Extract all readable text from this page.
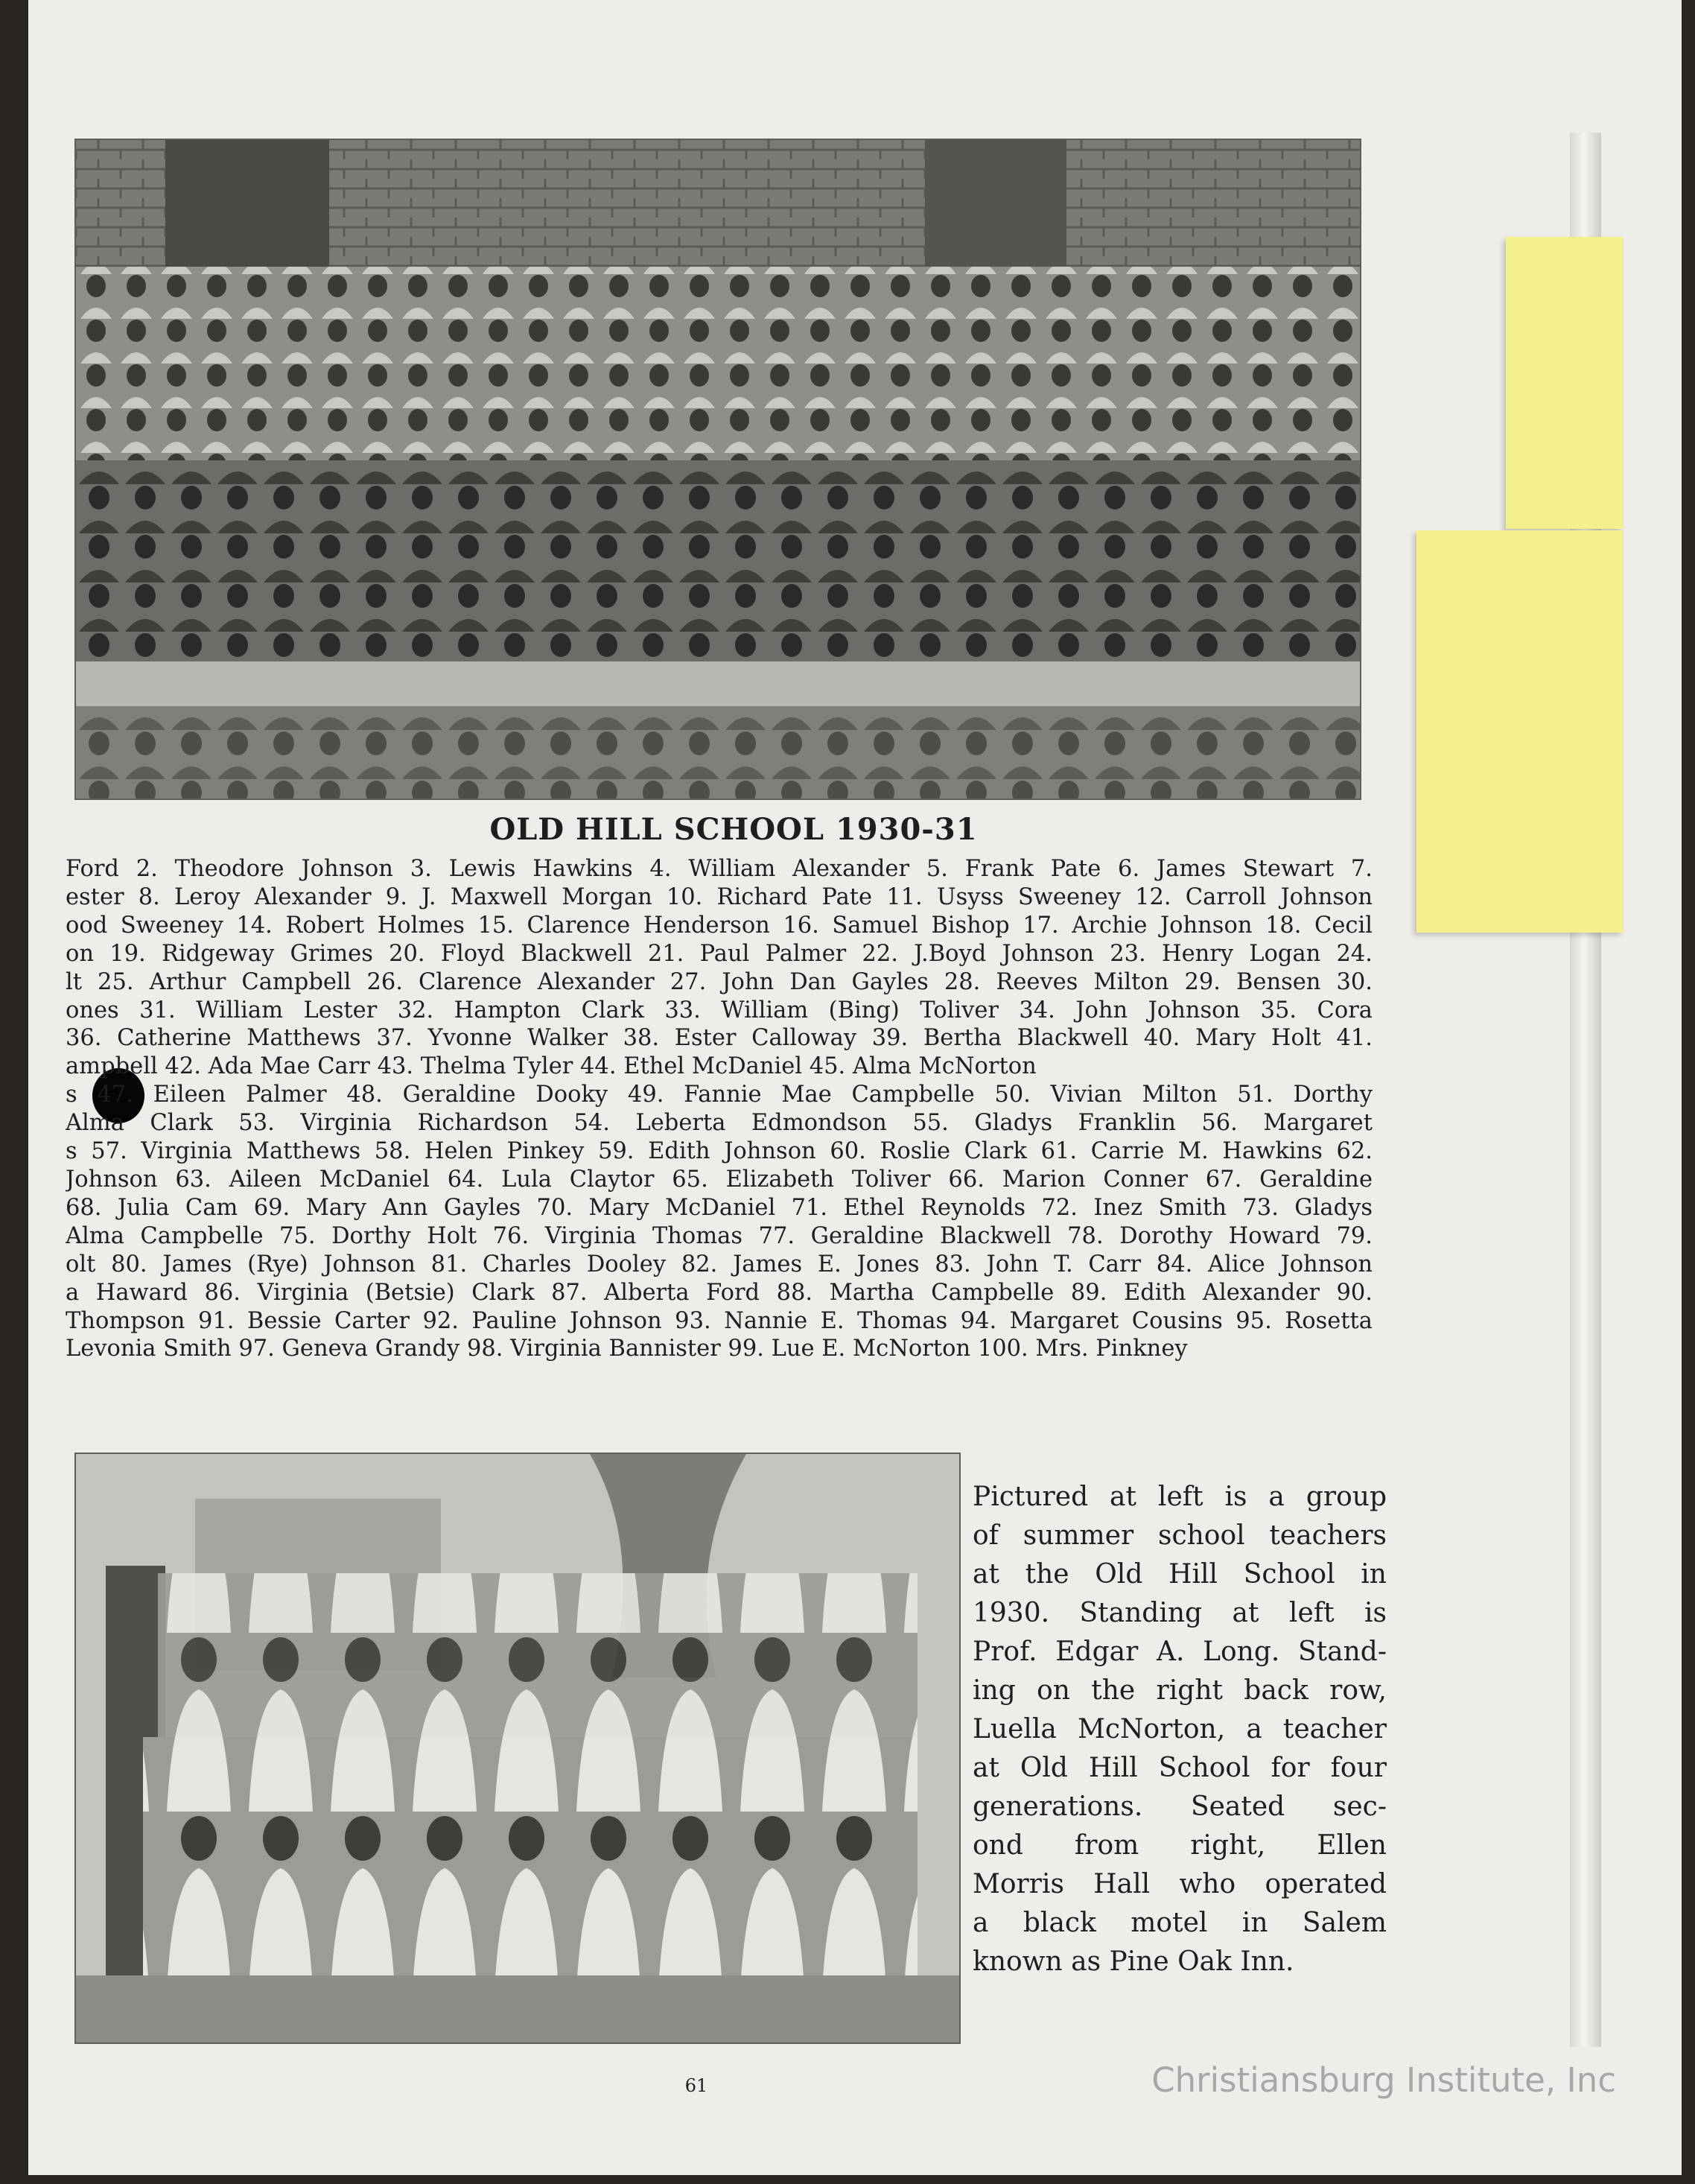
OLD HILL SCHOOL 1930-31
Ford 2. Theodore Johnson 3. Lewis Hawkins 4. William Alexander 5. Frank Pate 6. James Stewart 7.
ester 8. Leroy Alexander 9. J. Maxwell Morgan 10. Richard Pate 11. Usyss Sweeney 12. Carroll Johnson
ood Sweeney 14. Robert Holmes 15. Clarence Henderson 16. Samuel Bishop 17. Archie Johnson 18. Cecil
on 19. Ridgeway Grimes 20. Floyd Blackwell 21. Paul Palmer 22. J.Boyd Johnson 23. Henry Logan 24.
lt 25. Arthur Campbell 26. Clarence Alexander 27. John Dan Gayles 28. Reeves Milton 29. Bensen 30.
ones 31. William Lester 32. Hampton Clark 33. William (Bing) Toliver 34. John Johnson 35. Cora
36. Catherine Matthews 37. Yvonne Walker 38. Ester Calloway 39. Bertha Blackwell 40. Mary Holt 41.
ampbell 42. Ada Mae Carr 43. Thelma Tyler 44. Ethel McDaniel 45. Alma McNorton
s 47. Eileen Palmer 48. Geraldine Dooky 49. Fannie Mae Campbelle 50. Vivian Milton 51. Dorthy
Alma Clark 53. Virginia Richardson 54. Leberta Edmondson 55. Gladys Franklin 56. Margaret
s 57. Virginia Matthews 58. Helen Pinkey 59. Edith Johnson 60. Roslie Clark 61. Carrie M. Hawkins 62.
Johnson 63. Aileen McDaniel 64. Lula Claytor 65. Elizabeth Toliver 66. Marion Conner 67. Geraldine
68. Julia Cam 69. Mary Ann Gayles 70. Mary McDaniel 71. Ethel Reynolds 72. Inez Smith 73. Gladys
Alma Campbelle 75. Dorthy Holt 76. Virginia Thomas 77. Geraldine Blackwell 78. Dorothy Howard 79.
olt 80. James (Rye) Johnson 81. Charles Dooley 82. James E. Jones 83. John T. Carr 84. Alice Johnson
a Haward 86. Virginia (Betsie) Clark 87. Alberta Ford 88. Martha Campbelle 89. Edith Alexander 90.
Thompson 91. Bessie Carter 92. Pauline Johnson 93. Nannie E. Thomas 94. Margaret Cousins 95. Rosetta
Levonia Smith 97. Geneva Grandy 98. Virginia Bannister 99. Lue E. McNorton 100. Mrs. Pinkney
Pictured at left is a group
of summer school teachers
at the Old Hill School in
1930. Standing at left is
Prof. Edgar A. Long. Stand-
ing on the right back row,
Luella McNorton, a teacher
at Old Hill School for four
generations. Seated sec-
ond from right, Ellen
Morris Hall who operated
a black motel in Salem
known as Pine Oak Inn.
61	Christiansburg Institute, Inc
